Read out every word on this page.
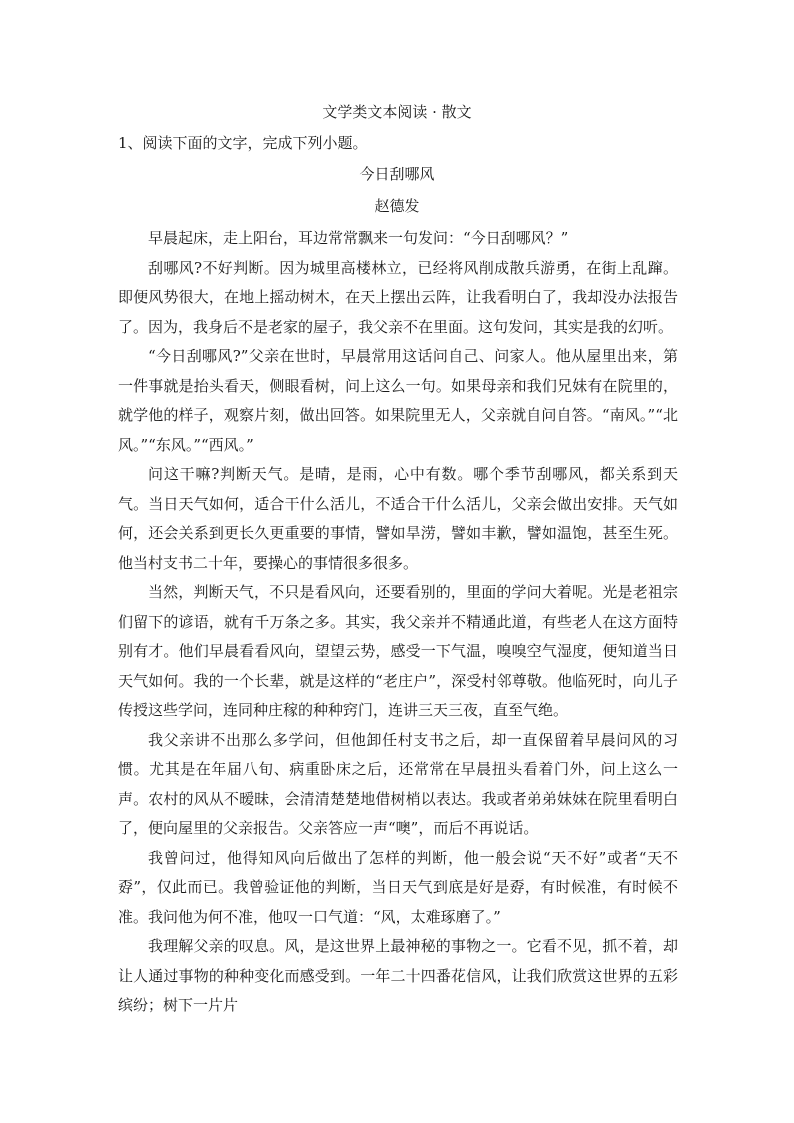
文学类文本阅读 · 散文
1、阅读下面的文字，完成下列小题。
今日刮哪风
赵德发

早晨起床，走上阳台，耳边常常飘来一句发问：“今日刮哪风？”

刮哪风?不好判断。因为城里高楼林立，已经将风削成散兵游勇，在街上乱蹿。即便风势很大，在地上摇动树木，在天上摆出云阵，让我看明白了，我却没办法报告了。因为，我身后不是老家的屋子，我父亲不在里面。这句发问，其实是我的幻听。

“今日刮哪风?”父亲在世时，早晨常用这话问自己、问家人。他从屋里出来，第一件事就是抬头看天，侧眼看树，问上这么一句。如果母亲和我们兄妹有在院里的，就学他的样子，观察片刻，做出回答。如果院里无人，父亲就自问自答。“南风。”“北风。”“东风。”“西风。”

问这干嘛?判断天气。是晴，是雨，心中有数。哪个季节刮哪风，都关系到天气。当日天气如何，适合干什么活儿，不适合干什么活儿，父亲会做出安排。天气如何，还会关系到更长久更重要的事情，譬如旱涝，譬如丰歉，譬如温饱，甚至生死。他当村支书二十年，要操心的事情很多很多。

当然，判断天气，不只是看风向，还要看别的，里面的学问大着呢。光是老祖宗们留下的谚语，就有千万条之多。其实，我父亲并不精通此道，有些老人在这方面特别有才。他们早晨看看风向，望望云势，感受一下气温，嗅嗅空气湿度，便知道当日天气如何。我的一个长辈，就是这样的“老庄户”，深受村邻尊敬。他临死时，向儿子传授这些学问，连同种庄稼的种种窍门，连讲三天三夜，直至气绝。

我父亲讲不出那么多学问，但他卸任村支书之后，却一直保留着早晨问风的习惯。尤其是在年届八旬、病重卧床之后，还常常在早晨扭头看着门外，问上这么一声。农村的风从不暧昧，会清清楚楚地借树梢以表达。我或者弟弟妹妹在院里看明白了，便向屋里的父亲报告。父亲答应一声“噢”，而后不再说话。

我曾问过，他得知风向后做出了怎样的判断，他一般会说“天不好”或者“天不孬”，仅此而已。我曾验证他的判断，当日天气到底是好是孬，有时候准，有时候不准。我问他为何不准，他叹一口气道：“风，太难琢磨了。”

我理解父亲的叹息。风，是这世界上最神秘的事物之一。它看不见，抓不着，却让人通过事物的种种变化而感受到。一年二十四番花信风，让我们欣赏这世界的五彩缤纷；树下一片片
